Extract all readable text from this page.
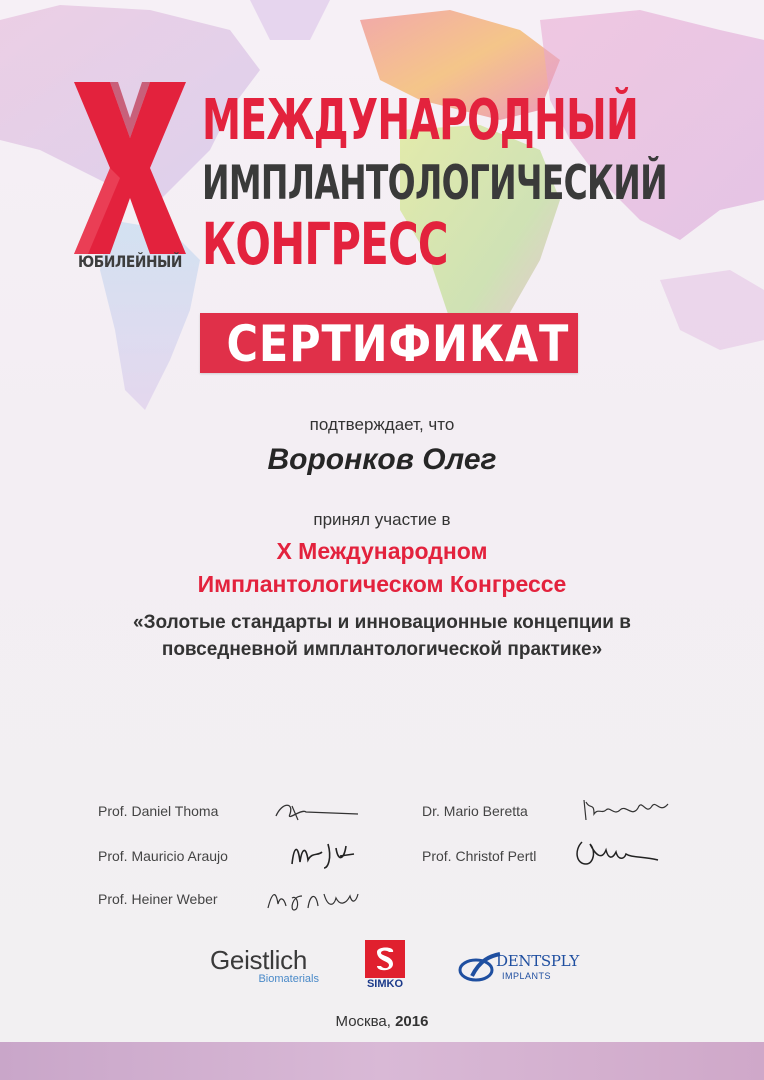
ЮБИЛЕЙНЫЙ
МЕЖДУНАРОДНЫЙ
ИМПЛАНТОЛОГИЧЕСКИЙ
КОНГРЕСС
СЕРТИФИКАТ
подтверждает, что
Воронков Олег
принял участие в
X Международном
Имплантологическом Конгрессе
«Золотые стандарты и инновационные концепции в
повседневной имплантологической практике»
Prof. Daniel Thoma	Dr. Mario Beretta
Prof. Mauricio Araujo	Prof. Christof Pertl
Prof. Heiner Weber
Geistlich
Biomaterials	SIMKO
DENTSPLY
IMPLANTS
Москва, 2016
